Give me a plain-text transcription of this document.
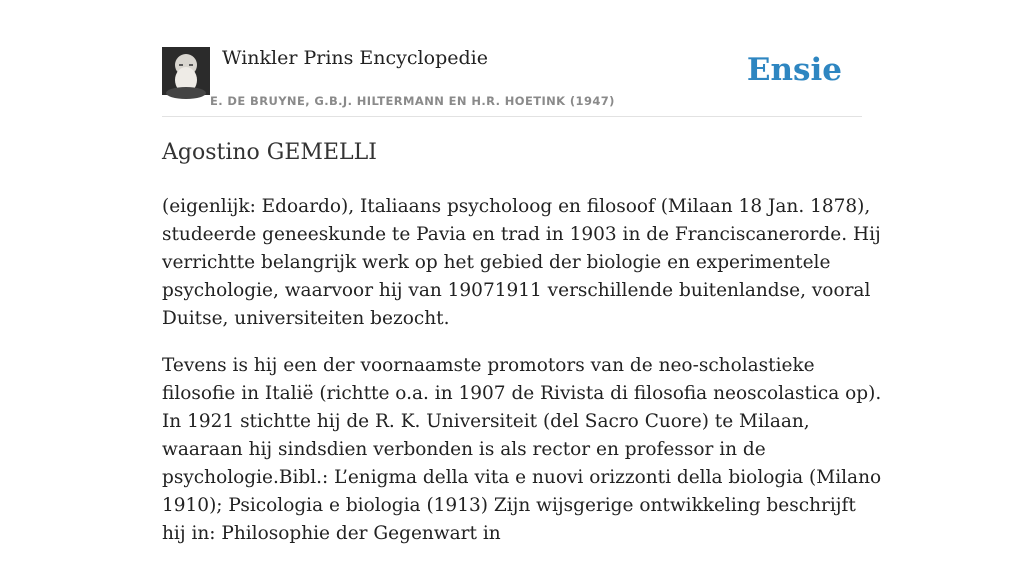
Winkler Prins Encyclopedie
E. DE BRUYNE, G.B.J. HILTERMANN EN H.R. HOETINK (1947)
Ensie
Agostino GEMELLI

(eigenlijk: Edoardo), Italiaans psycholoog en filosoof (Milaan 18 Jan. 1878), studeerde geneeskunde te Pavia en trad in 1903 in de Franciscanerorde. Hij verrichtte belangrijk werk op het gebied der biologie en experimentele psychologie, waarvoor hij van 19071911 verschillende buitenlandse, vooral Duitse, universiteiten bezocht.

Tevens is hij een der voornaamste promotors van de neo-scholastieke filosofie in Italië (richtte o.a. in 1907 de Rivista di filosofia neoscolastica op). In 1921 stichtte hij de R. K. Universiteit (del Sacro Cuore) te Milaan, waaraan hij sindsdien verbonden is als rector en professor in de psychologie.Bibl.: L’enigma della vita e nuovi orizzonti della biologia (Milano 1910); Psicologia e biologia (1913) Zijn wijsgerige ontwikkeling beschrijft hij in: Philosophie der Gegenwart in
